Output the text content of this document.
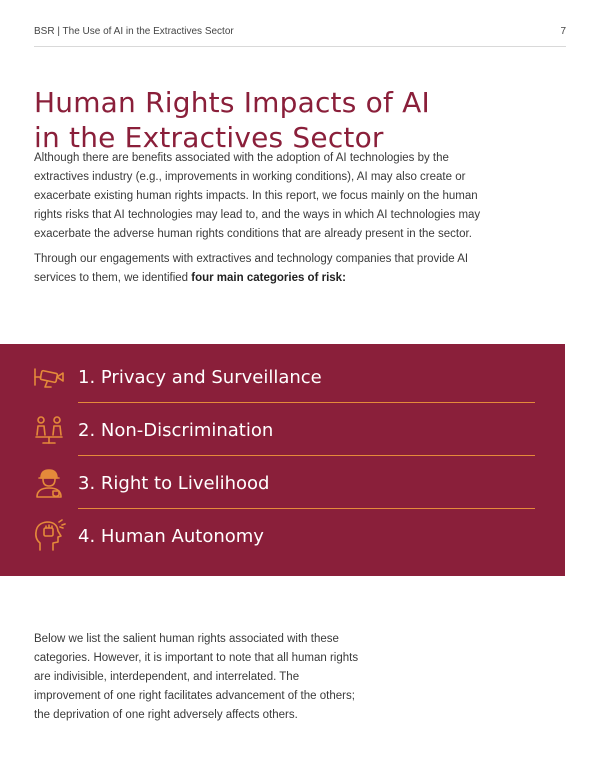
BSR | The Use of AI in the Extractives Sector	7
Human Rights Impacts of AI
in the Extractives Sector

Although there are benefits associated with the adoption of AI technologies by the extractives industry (e.g., improvements in working conditions), AI may also create or exacerbate existing human rights impacts. In this report, we focus mainly on the human rights risks that AI technologies may lead to, and the ways in which AI technologies may exacerbate the adverse human rights conditions that are already present in the sector.

Through our engagements with extractives and technology companies that provide AI services to them, we identified four main categories of risk:

1. Privacy and Surveillance
2. Non-Discrimination
3. Right to Livelihood
4. Human Autonomy

Below we list the salient human rights associated with these categories. However, it is important to note that all human rights are indivisible, interdependent, and interrelated. The improvement of one right facilitates advancement of the others; the deprivation of one right adversely affects others.
